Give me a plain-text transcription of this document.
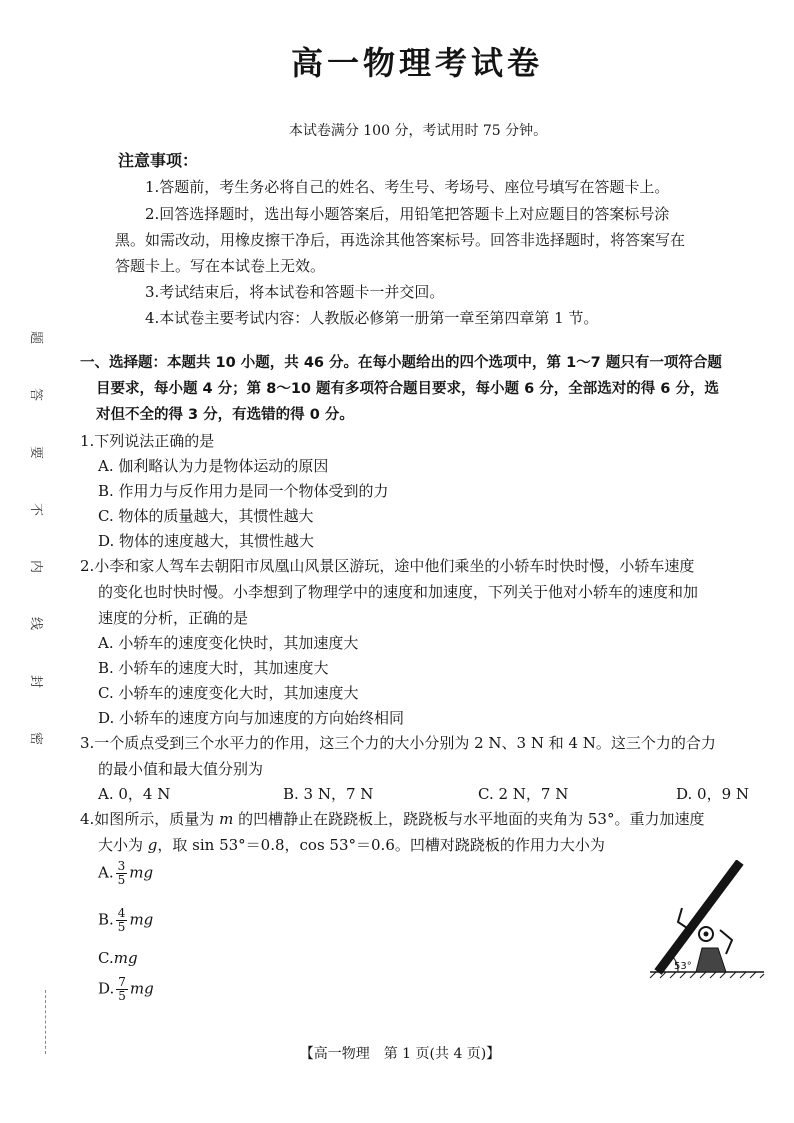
高一物理考试卷
本试卷满分 100 分，考试用时 75 分钟。
注意事项：
1.答题前，考生务必将自己的姓名、考生号、考场号、座位号填写在答题卡上。
2.回答选择题时，选出每小题答案后，用铅笔把答题卡上对应题目的答案标号涂
黑。如需改动，用橡皮擦干净后，再选涂其他答案标号。回答非选择题时，将答案写在
答题卡上。写在本试卷上无效。
3.考试结束后，将本试卷和答题卡一并交回。
4.本试卷主要考试内容：人教版必修第一册第一章至第四章第 1 节。
题
答
要
不
内
线
封
密
一、选择题：本题共 10 小题，共 46 分。在每小题给出的四个选项中，第 1～7 题只有一项符合题
目要求，每小题 4 分；第 8～10 题有多项符合题目要求，每小题 6 分，全部选对的得 6 分，选
对但不全的得 3 分，有选错的得 0 分。
1.下列说法正确的是
A. 伽利略认为力是物体运动的原因
B. 作用力与反作用力是同一个物体受到的力
C. 物体的质量越大，其惯性越大
D. 物体的速度越大，其惯性越大
2.小李和家人驾车去朝阳市凤凰山风景区游玩，途中他们乘坐的小轿车时快时慢，小轿车速度
的变化也时快时慢。小李想到了物理学中的速度和加速度，下列关于他对小轿车的速度和加
速度的分析，正确的是
A. 小轿车的速度变化快时，其加速度大
B. 小轿车的速度大时，其加速度大
C. 小轿车的速度变化大时，其加速度大
D. 小轿车的速度方向与加速度的方向始终相同
3.一个质点受到三个水平力的作用，这三个力的大小分别为 2 N、3 N 和 4 N。这三个力的合力
的最小值和最大值分别为
A. 0，4 N	B. 3 N，7 N	C. 2 N，7 N	D. 0，9 N
4.如图所示，质量为 m 的凹槽静止在跷跷板上，跷跷板与水平地面的夹角为 53°。重力加速度
大小为 g，取 sin 53°＝0.8，cos 53°＝0.6。凹槽对跷跷板的作用力大小为
A. $\frac{3}{5}$ mg
B. $\frac{4}{5}$ mg
C.mg
D. $\frac{7}{5}$ mg
53°
【高一物理　第 1 页(共 4 页)】
